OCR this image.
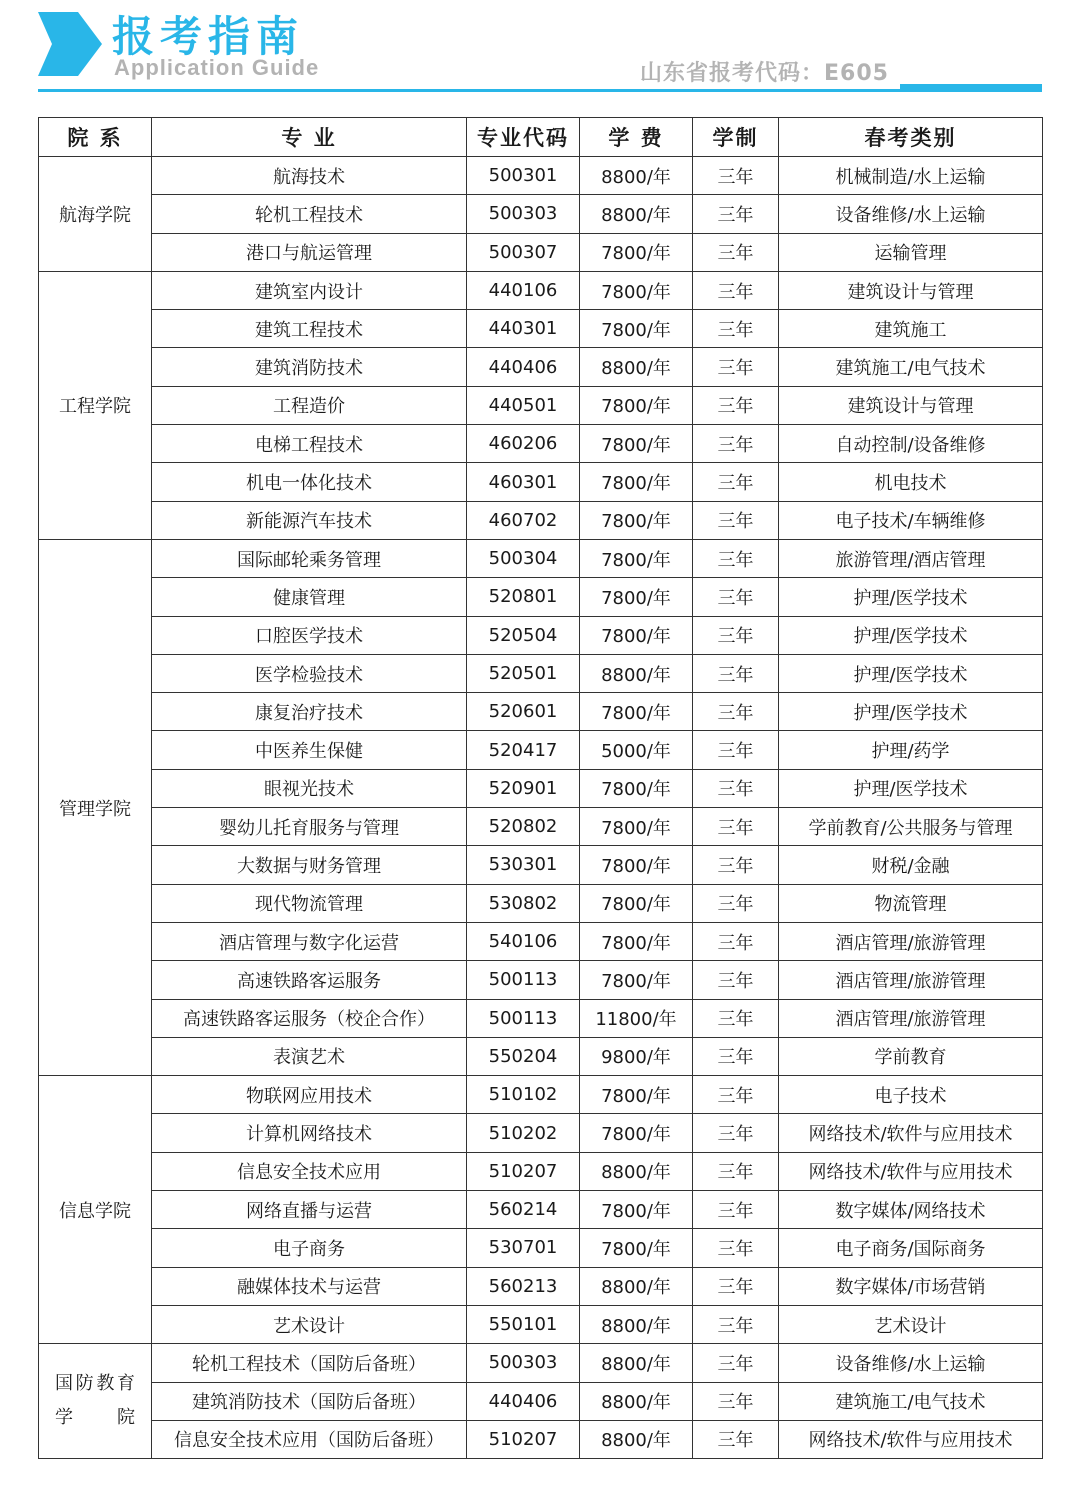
报考指南
Application Guide	山东省报考代码：E605
院 系	专 业	专业代码	学 费	学制	春考类别
航海学院	航海技术	500301	8800/年	三年	机械制造/水上运输
	轮机工程技术	500303	8800/年	三年	设备维修/水上运输
	港口与航运管理	500307	7800/年	三年	运输管理
工程学院	建筑室内设计	440106	7800/年	三年	建筑设计与管理
	建筑工程技术	440301	7800/年	三年	建筑施工
	建筑消防技术	440406	8800/年	三年	建筑施工/电气技术
	工程造价	440501	7800/年	三年	建筑设计与管理
	电梯工程技术	460206	7800/年	三年	自动控制/设备维修
	机电一体化技术	460301	7800/年	三年	机电技术
	新能源汽车技术	460702	7800/年	三年	电子技术/车辆维修
管理学院	国际邮轮乘务管理	500304	7800/年	三年	旅游管理/酒店管理
	健康管理	520801	7800/年	三年	护理/医学技术
	口腔医学技术	520504	7800/年	三年	护理/医学技术
	医学检验技术	520501	8800/年	三年	护理/医学技术
	康复治疗技术	520601	7800/年	三年	护理/医学技术
	中医养生保健	520417	5000/年	三年	护理/药学
	眼视光技术	520901	7800/年	三年	护理/医学技术
	婴幼儿托育服务与管理	520802	7800/年	三年	学前教育/公共服务与管理
	大数据与财务管理	530301	7800/年	三年	财税/金融
	现代物流管理	530802	7800/年	三年	物流管理
	酒店管理与数字化运营	540106	7800/年	三年	酒店管理/旅游管理
	高速铁路客运服务	500113	7800/年	三年	酒店管理/旅游管理
	高速铁路客运服务（校企合作）	500113	11800/年	三年	酒店管理/旅游管理
	表演艺术	550204	9800/年	三年	学前教育
信息学院	物联网应用技术	510102	7800/年	三年	电子技术
	计算机网络技术	510202	7800/年	三年	网络技术/软件与应用技术
	信息安全技术应用	510207	8800/年	三年	网络技术/软件与应用技术
	网络直播与运营	560214	7800/年	三年	数字媒体/网络技术
	电子商务	530701	7800/年	三年	电子商务/国际商务
	融媒体技术与运营	560213	8800/年	三年	数字媒体/市场营销
	艺术设计	550101	8800/年	三年	艺术设计
国防教育
学院	轮机工程技术（国防后备班）	500303	8800/年	三年	设备维修/水上运输
	建筑消防技术（国防后备班）	440406	8800/年	三年	建筑施工/电气技术
	信息安全技术应用（国防后备班）	510207	8800/年	三年	网络技术/软件与应用技术
